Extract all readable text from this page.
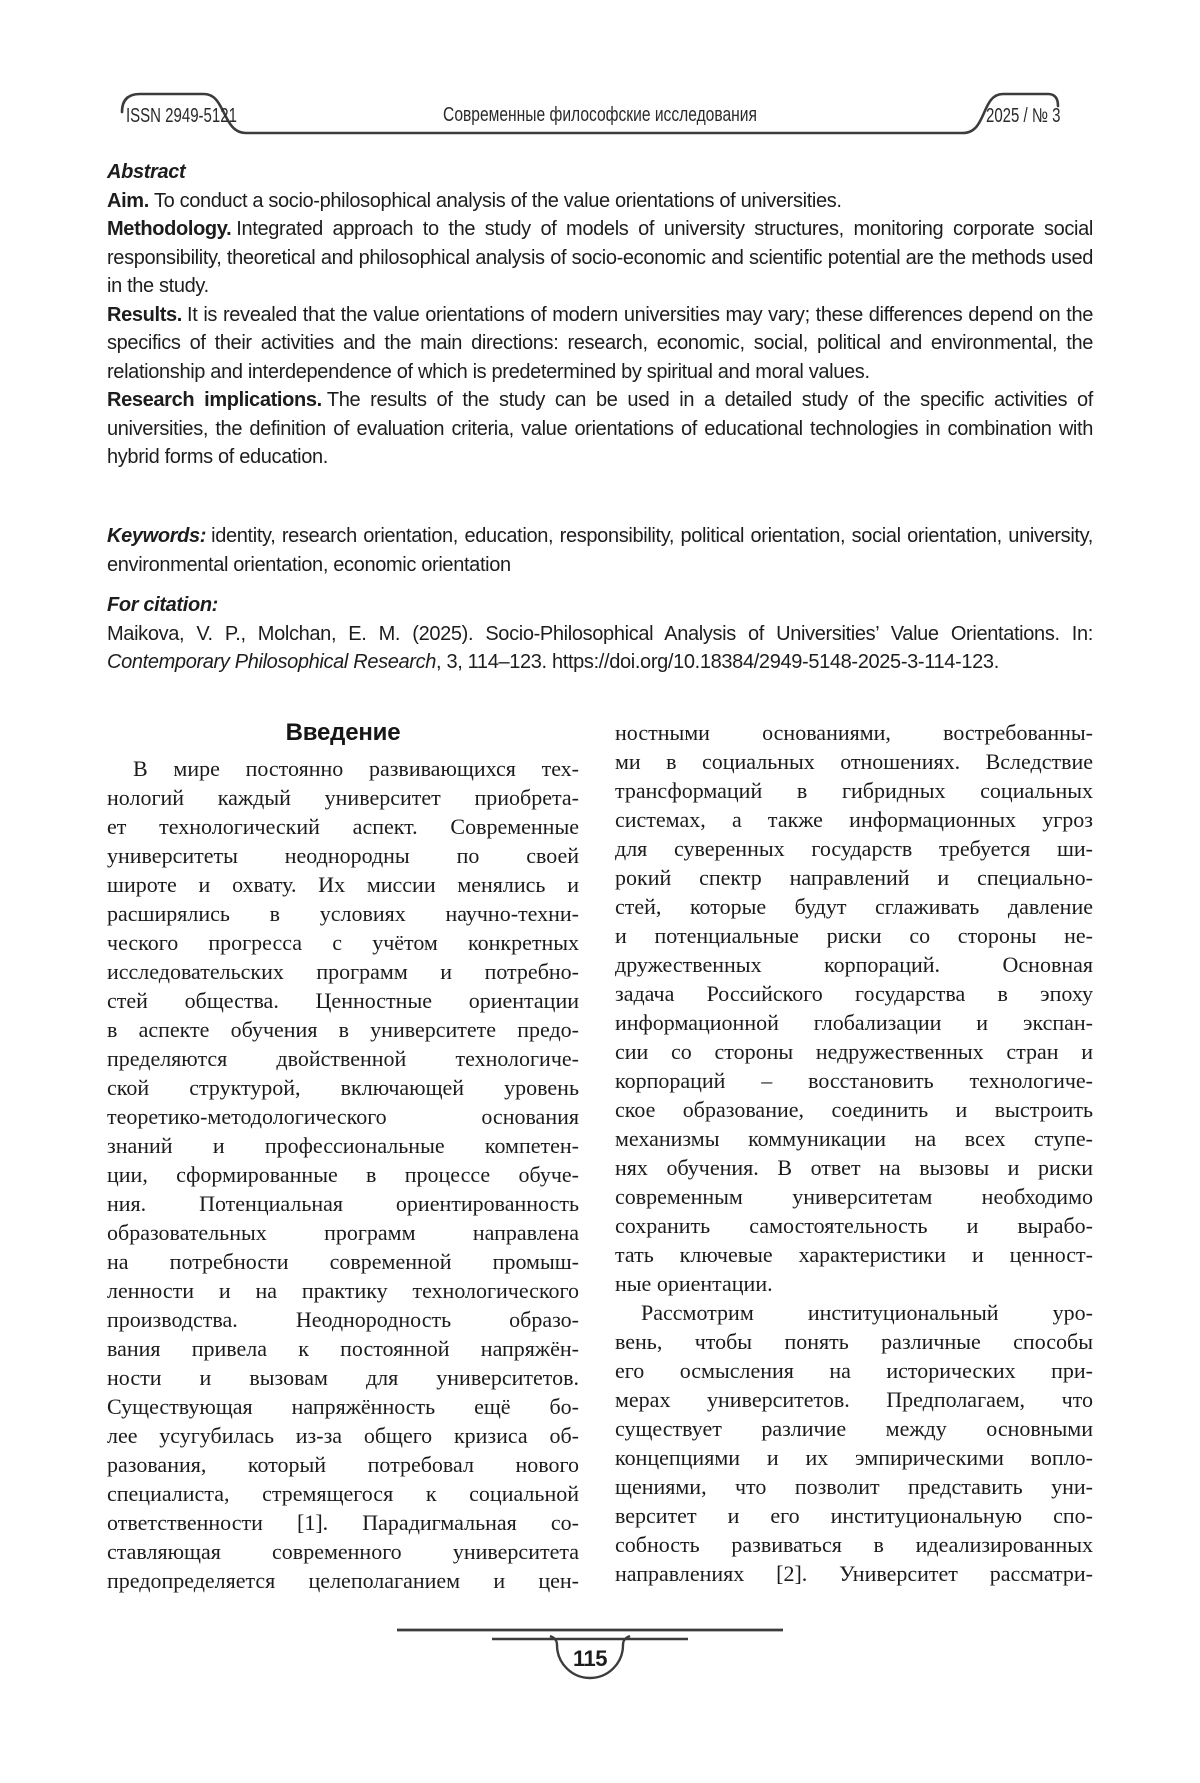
ISSN 2949-5121	Современные философские исследования	2025 / № 3

Abstract

Aim. To conduct a socio-philosophical analysis of the value orientations of universities.

Methodology. Integrated approach to the study of models of university structures, monitoring corporate social responsibility, theoretical and philosophical analysis of socio-economic and scientific potential are the methods used in the study.

Results. It is revealed that the value orientations of modern universities may vary; these differences depend on the specifics of their activities and the main directions: research, economic, social, political and environmental, the relationship and interdependence of which is predetermined by spiritual and moral values.

Research implications. The results of the study can be used in a detailed study of the specific activities of universities, the definition of evaluation criteria, value orientations of educational technologies in combination with hybrid forms of education.

Keywords: identity, research orientation, education, responsibility, political orientation, social orientation, university, environmental orientation, economic orientation

For citation:

Maikova, V. P., Molchan, E. M. (2025). Socio-Philosophical Analysis of Universities’ Value Orientations. In: Contemporary Philosophical Research, 3, 114–123. https://doi.org/10.18384/2949-5148-2025-3-114-123.

Введение
В мире постоянно развивающихся тех-
нологий каждый университет приобрета-
ет технологический аспект. Современные
университеты неоднородны по своей
широте и охвату. Их миссии менялись и
расширялись в условиях научно-техни-
ческого прогресса с учётом конкретных
исследовательских программ и потребно-
стей общества. Ценностные ориентации
в аспекте обучения в университете предо-
пределяются двойственной технологиче-
ской структурой, включающей уровень
теоретико-методологического основания
знаний и профессиональные компетен-
ции, сформированные в процессе обуче-
ния. Потенциальная ориентированность
образовательных программ направлена
на потребности современной промыш-
ленности и на практику технологического
производства. Неоднородность образо-
вания привела к постоянной напряжён-
ности и вызовам для университетов.
Существующая напряжённость ещё бо-
лее усугубилась из-за общего кризиса об-
разования, который потребовал нового
специалиста, стремящегося к социальной
ответственности [1]. Парадигмальная со-
ставляющая современного университета
предопределяется целеполаганием и цен-
ностными основаниями, востребованны-
ми в социальных отношениях. Вследствие
трансформаций в гибридных социальных
системах, а также информационных угроз
для суверенных государств требуется ши-
рокий спектр направлений и специально-
стей, которые будут сглаживать давление
и потенциальные риски со стороны не-
дружественных корпораций. Основная
задача Российского государства в эпоху
информационной глобализации и экспан-
сии со стороны недружественных стран и
корпораций – восстановить технологиче-
ское образование, соединить и выстроить
механизмы коммуникации на всех ступе-
нях обучения. В ответ на вызовы и риски
современным университетам необходимо
сохранить самостоятельность и вырабо-
тать ключевые характеристики и ценност-
ные ориентации.
Рассмотрим институциональный уро-
вень, чтобы понять различные способы
его осмысления на исторических при-
мерах университетов. Предполагаем, что
существует различие между основными
концепциями и их эмпирическими вопло-
щениями, что позволит представить уни-
верситет и его институциональную спо-
собность развиваться в идеализированных
направлениях [2]. Университет рассматри-
115
